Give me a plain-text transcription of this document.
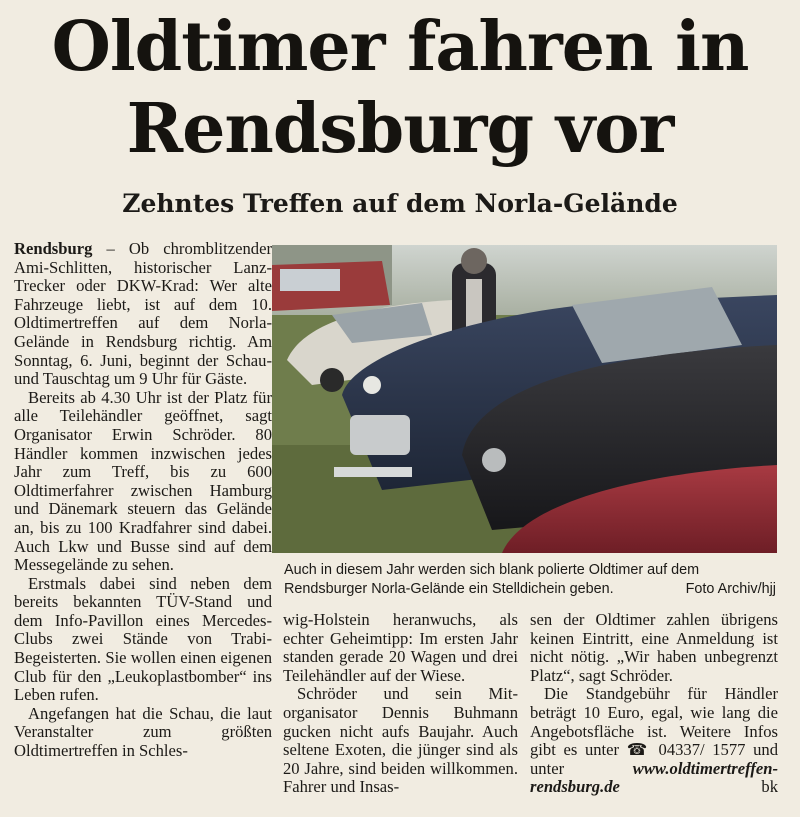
Oldtimer fahren in
Rendsburg vor
Zehntes Treffen auf dem Norla-Gelände

Rendsburg – Ob chromblitzender Ami-Schlitten, historischer Lanz-Trecker oder DKW-Krad: Wer alte Fahrzeuge liebt, ist auf dem 10. Oldtimertreffen auf dem Norla-Gelände in Rendsburg richtig. Am Sonntag, 6. Juni, beginnt der Schau- und Tauschtag um 9 Uhr für Gäste.

Bereits ab 4.30 Uhr ist der Platz für alle Teilehändler geöffnet, sagt Organisator Erwin Schröder. 80 Händler kommen inzwischen jedes Jahr zum Treff, bis zu 600 Oldtimerfahrer zwischen Hamburg und Dänemark steuern das Gelände an, bis zu 100 Kradfahrer sind dabei. Auch Lkw und Busse sind auf dem Messegelände zu sehen.

Erstmals dabei sind neben dem bereits bekannten TÜV-Stand und dem Info-Pavillon eines Mercedes-Clubs zwei Stände von Trabi-Begeisterten. Sie wollen einen eigenen Club für den „Leukoplastbomber“ ins Leben rufen.

Angefangen hat die Schau, die laut Veranstalter zum größten Oldtimertreffen in Schles-

Auch in diesem Jahr werden sich blank polierte Oldtimer auf dem Rendsburger Norla-Gelände ein Stelldichein geben.	Foto Archiv/hjj

wig-Holstein heranwuchs, als echter Geheimtipp: Im ersten Jahr standen gerade 20 Wagen und drei Teilehändler auf der Wiese.

Schröder und sein Mitorganisator Dennis Buhmann gucken nicht aufs Baujahr. Auch seltene Exoten, die jünger sind als 20 Jahre, sind beiden willkommen. Fahrer und Insas-

sen der Oldtimer zahlen übrigens keinen Eintritt, eine Anmeldung ist nicht nötig. „Wir haben unbegrenzt Platz“, sagt Schröder.

Die Standgebühr für Händler beträgt 10 Euro, egal, wie lang die Angebotsfläche ist. Weitere Infos gibt es unter ☎ 04337/ 1577 und unter www.oldtimertreffen-rendsburg.de	bk
